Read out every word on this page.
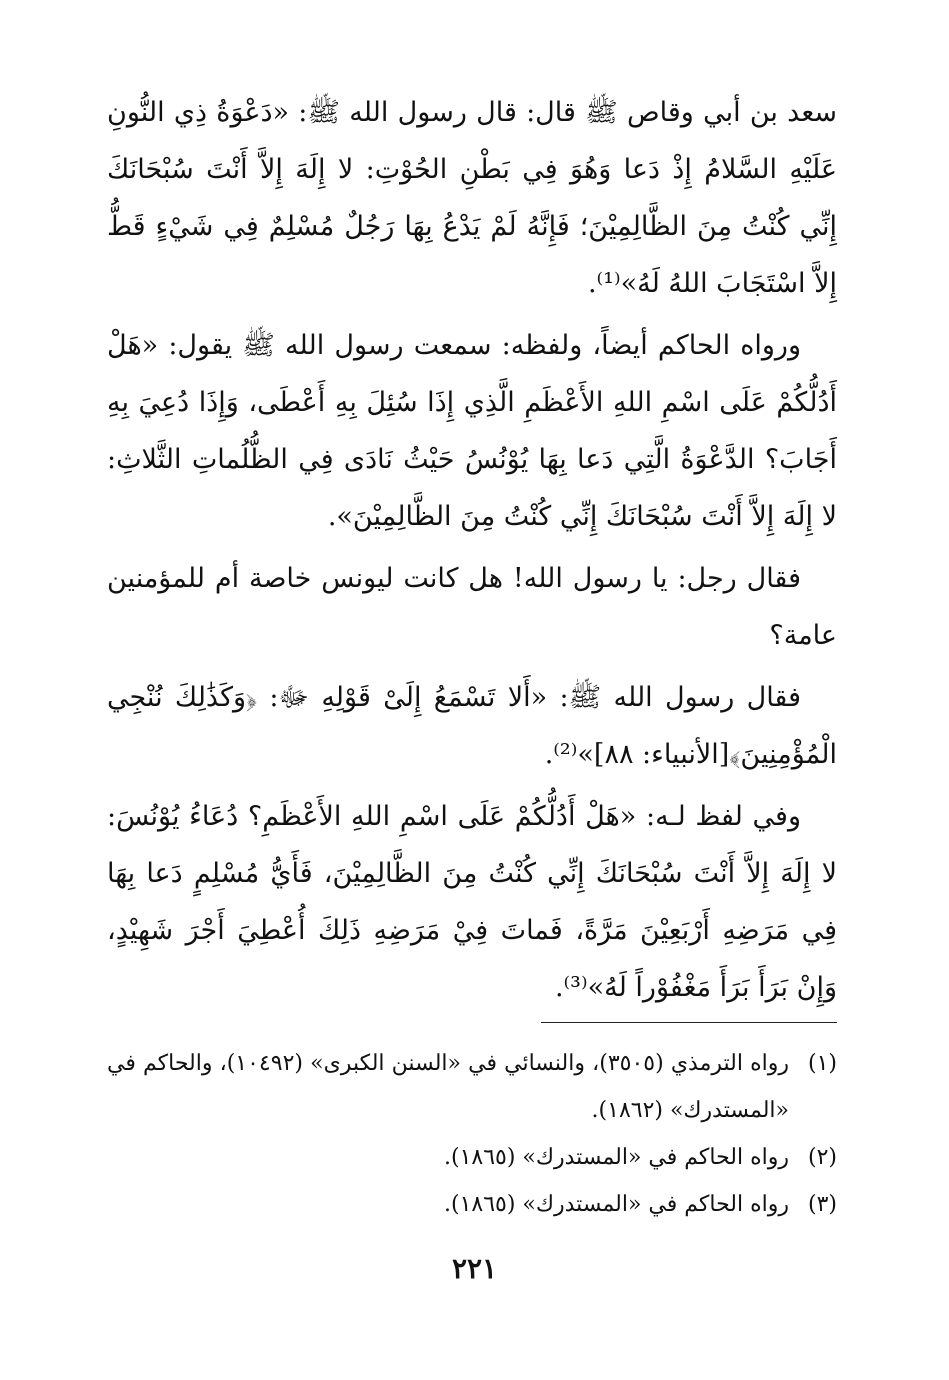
سعد بن أبي وقاص ﷺ قال: قال رسول الله ﷺ: «دَعْوَةُ ذِي النُّونِ عَلَيْهِ السَّلامُ إِذْ دَعا وَهُوَ فِي بَطْنِ الحُوْتِ: لا إِلَهَ إِلاَّ أَنْتَ سُبْحَانَكَ إِنِّي كُنْتُ مِنَ الظَّالِمِيْنَ؛ فَإِنَّهُ لَمْ يَدْعُ بِهَا رَجُلٌ مُسْلِمٌ فِي شَيْءٍ قَطُّ إِلاَّ اسْتَجَابَ اللهُ لَهُ»⁽¹⁾.

ورواه الحاكم أيضاً، ولفظه: سمعت رسول الله ﷺ يقول: «هَلْ أَدُلُّكُمْ عَلَى اسْمِ اللهِ الأَعْظَمِ الَّذِي إِذَا سُئِلَ بِهِ أَعْطَى، وَإِذَا دُعِيَ بِهِ أَجَابَ؟ الدَّعْوَةُ الَّتِي دَعا بِهَا يُوْنُسُ حَيْثُ نَادَى فِي الظُّلُماتِ الثَّلاثِ: لا إِلَهَ إِلاَّ أَنْتَ سُبْحَانَكَ إِنِّي كُنْتُ مِنَ الظَّالِمِيْنَ».

فقال رجل: يا رسول الله! هل كانت ليونس خاصة أم للمؤمنين عامة؟

فقال رسول الله ﷺ: «أَلا تَسْمَعُ إِلَىْ قَوْلِهِ ﷻ: ﴿وَكَذَٰلِكَ نُنْجِي الْمُؤْمِنِينَ﴾[الأنبياء: ٨٨]»⁽²⁾.

وفي لفظ لـه: «هَلْ أَدُلُّكُمْ عَلَى اسْمِ اللهِ الأَعْظَمِ؟ دُعَاءُ يُوْنُسَ: لا إِلَهَ إِلاَّ أَنْتَ سُبْحَانَكَ إِنِّي كُنْتُ مِنَ الظَّالِمِيْنَ، فَأَيُّ مُسْلِمٍ دَعا بِهَا فِي مَرَضِهِ أَرْبَعِيْنَ مَرَّةً، فَماتَ فِيْ مَرَضِهِ ذَلِكَ أُعْطِيَ أَجْرَ شَهِيْدٍ، وَإِنْ بَرَأَ بَرَأَ مَغْفُوْراً لَهُ»⁽³⁾.

(١)
رواه الترمذي (٣٥٠٥)، والنسائي في «السنن الكبرى» (١٠٤٩٢)، والحاكم في «المستدرك» (١٨٦٢).
(٢)
رواه الحاكم في «المستدرك» (١٨٦٥).
(٣)
رواه الحاكم في «المستدرك» (١٨٦٥).
٢٢١
